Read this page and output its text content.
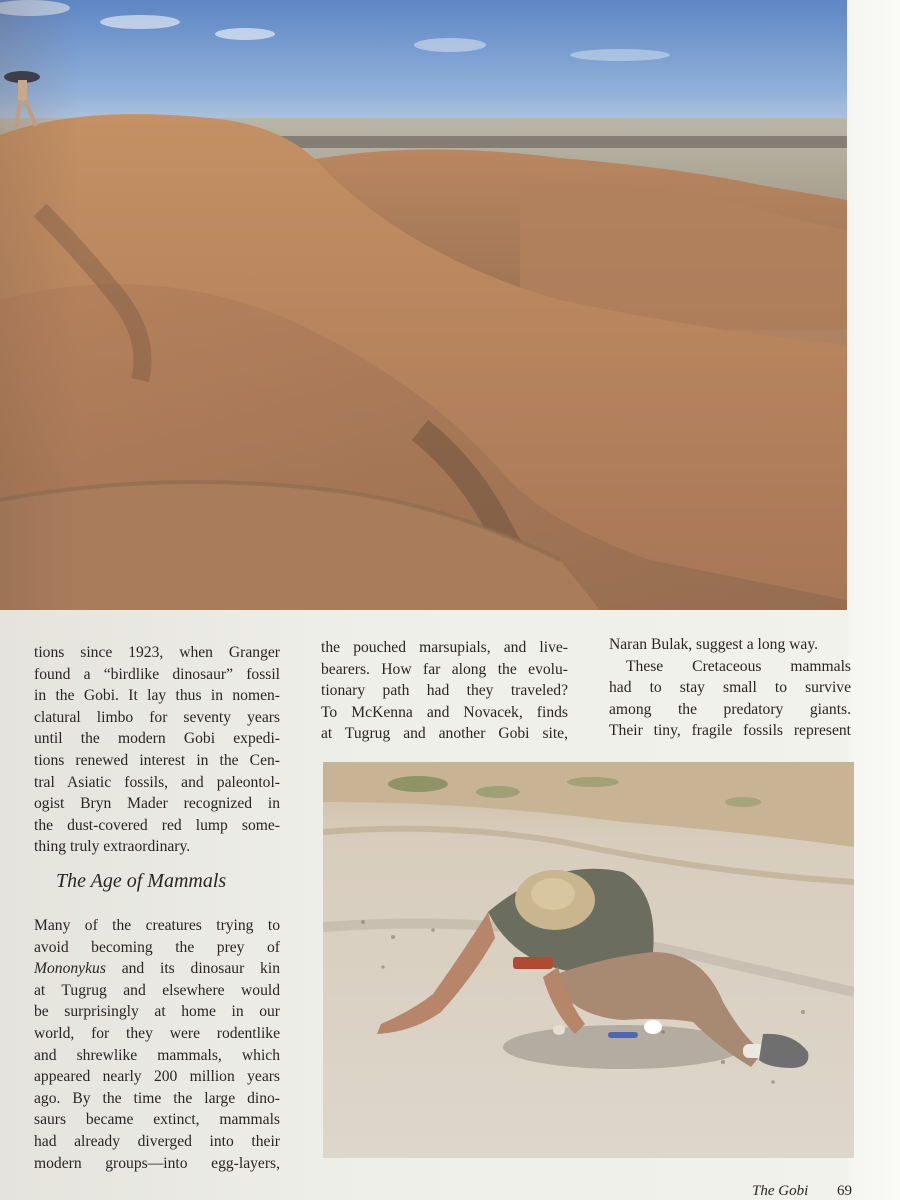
tions since 1923, when Granger
found a “birdlike dinosaur” fossil
in the Gobi. It lay thus in nomen-
clatural limbo for seventy years
until the modern Gobi expedi-
tions renewed interest in the Cen-
tral Asiatic fossils, and paleontol-
ogist Bryn Mader recognized in
the dust-covered red lump some-
thing truly extraordinary.
The Age of Mammals
Many of the creatures trying to
avoid becoming the prey of
Mononykus and its dinosaur kin
at Tugrug and elsewhere would
be surprisingly at home in our
world, for they were rodentlike
and shrewlike mammals, which
appeared nearly 200 million years
ago. By the time the large dino-
saurs became extinct, mammals
had already diverged into their
modern groups—into egg-layers,
the pouched marsupials, and live-
bearers. How far along the evolu-
tionary path had they traveled?
To McKenna and Novacek, finds
at Tugrug and another Gobi site,
Naran Bulak, suggest a long way.
These Cretaceous mammals
had to stay small to survive
among the predatory giants.
Their tiny, fragile fossils represent
The Gobi 69
